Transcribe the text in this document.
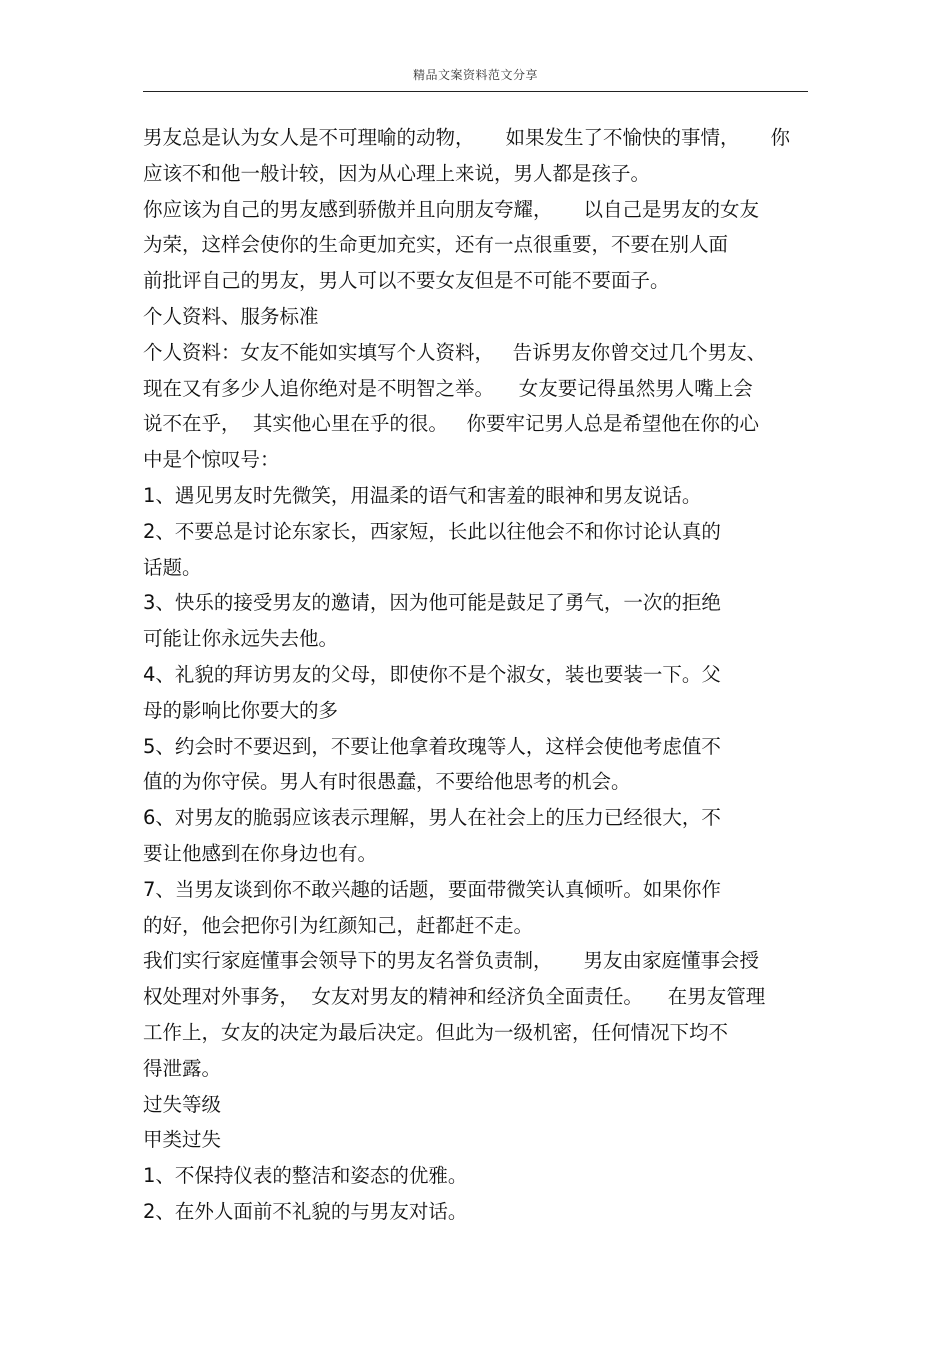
精品文案资料范文分享
男友总是认为女人是不可理喻的动物，     如果发生了不愉快的事情，     你
应该不和他一般计较，因为从心理上来说，男人都是孩子。
你应该为自己的男友感到骄傲并且向朋友夸耀，     以自己是男友的女友
为荣，这样会使你的生命更加充实，还有一点很重要，不要在别人面
前批评自己的男友，男人可以不要女友但是不可能不要面子。
个人资料、服务标准
个人资料：女友不能如实填写个人资料，   告诉男友你曾交过几个男友、
现在又有多少人追你绝对是不明智之举。    女友要记得虽然男人嘴上会
说不在乎，  其实他心里在乎的很。   你要牢记男人总是希望他在你的心
中是个惊叹号：
1、遇见男友时先微笑，用温柔的语气和害羞的眼神和男友说话。
2、不要总是讨论东家长，西家短，长此以往他会不和你讨论认真的
话题。
3、快乐的接受男友的邀请，因为他可能是鼓足了勇气，一次的拒绝
可能让你永远失去他。
4、礼貌的拜访男友的父母，即使你不是个淑女，装也要装一下。父
母的影响比你要大的多
5、约会时不要迟到，不要让他拿着玫瑰等人，这样会使他考虑值不
值的为你守侯。男人有时很愚蠢，不要给他思考的机会。
6、对男友的脆弱应该表示理解，男人在社会上的压力已经很大，不
要让他感到在你身边也有。
7、当男友谈到你不敢兴趣的话题，要面带微笑认真倾听。如果你作
的好，他会把你引为红颜知己，赶都赶不走。
我们实行家庭懂事会领导下的男友名誉负责制，     男友由家庭懂事会授
权处理对外事务，  女友对男友的精神和经济负全面责任。    在男友管理
工作上，女友的决定为最后决定。但此为一级机密，任何情况下均不
得泄露。
过失等级
甲类过失
1、不保持仪表的整洁和姿态的优雅。
2、在外人面前不礼貌的与男友对话。
